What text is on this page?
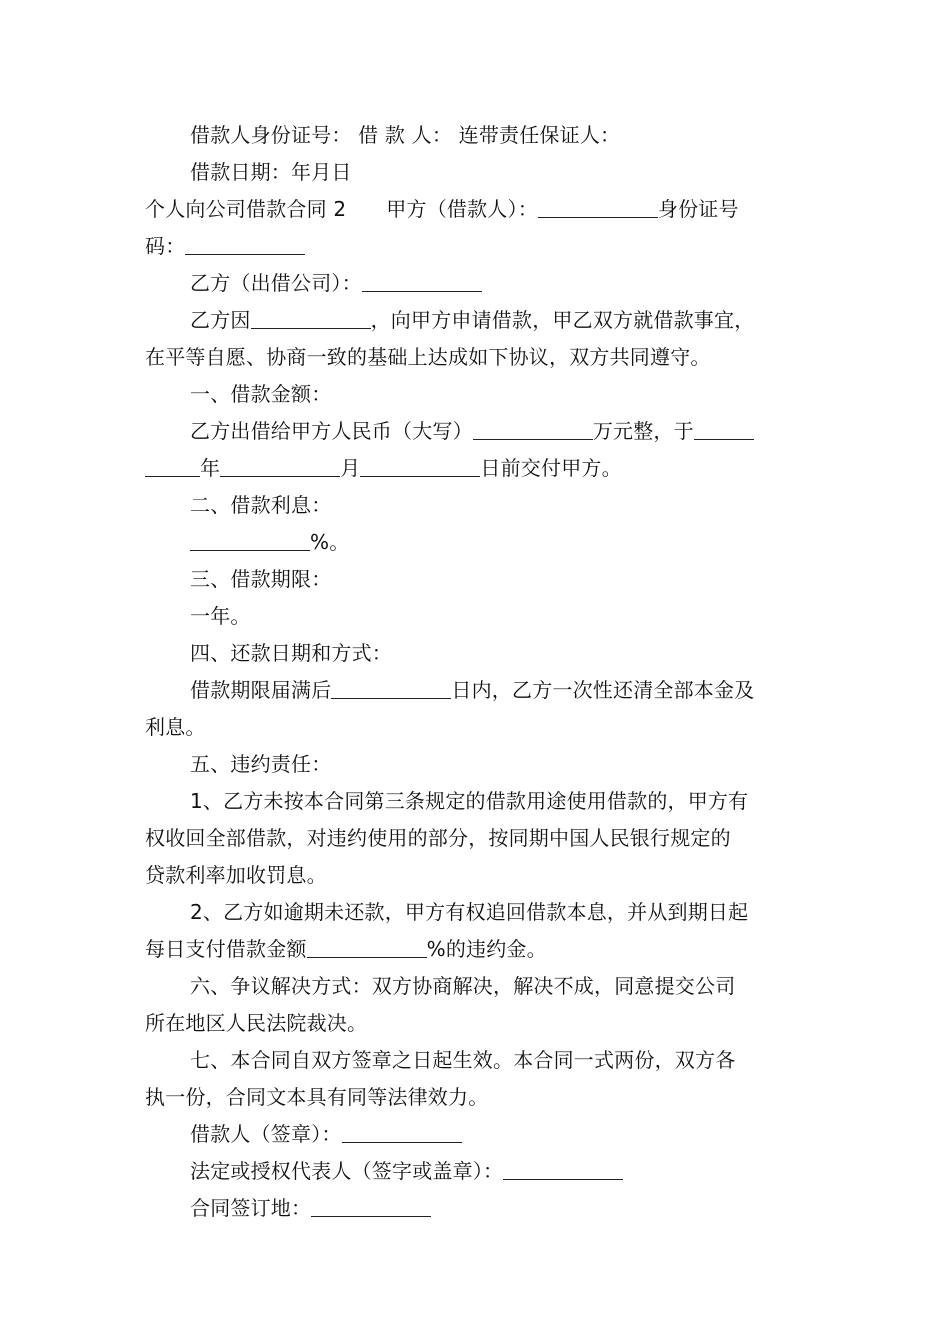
借款人身份证号： 借 款 人： 连带责任保证人：
借款日期：年月日
个人向公司借款合同 2 甲方（借款人）：	身份证号
码：
乙方（出借公司）：
乙方因	，向甲方申请借款，甲乙双方就借款事宜，
在平等自愿、协商一致的基础上达成如下协议，双方共同遵守。
一、借款金额：
乙方出借给甲方人民币（大写）	万元整，于
年	月	日前交付甲方。
二、借款利息：
%。
三、借款期限：
一年。
四、还款日期和方式：
借款期限届满后	日内，乙方一次性还清全部本金及
利息。
五、违约责任：
1、乙方未按本合同第三条规定的借款用途使用借款的，甲方有
权收回全部借款，对违约使用的部分，按同期中国人民银行规定的
贷款利率加收罚息。
2、乙方如逾期未还款，甲方有权追回借款本息，并从到期日起
每日支付借款金额	%的违约金。
六、争议解决方式：双方协商解决，解决不成，同意提交公司
所在地区人民法院裁决。
七、本合同自双方签章之日起生效。本合同一式两份，双方各
执一份，合同文本具有同等法律效力。
借款人（签章）：
法定或授权代表人（签字或盖章）：
合同签订地：
